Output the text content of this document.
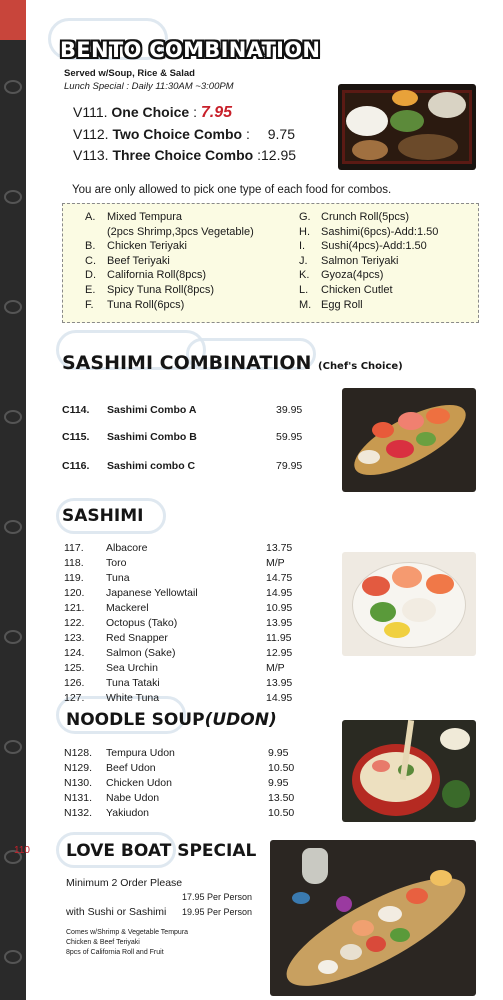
110
BENTO COMBINATION
Served w/Soup, Rice & Salad
Lunch Special : Daily 11:30AM ~3:00PM
V111. One Choice : 7.95
V112. Two Choice Combo : 9.75
V113. Three Choice Combo :12.95
You are only allowed to pick one type of each food for combos.
A.	Mixed Tempura
(2pcs Shrimp,3pcs Vegetable)
B.	Chicken Teriyaki
C.	Beef Teriyaki
D.	California Roll(8pcs)
E.	Spicy Tuna Roll(8pcs)
F.	Tuna Roll(6pcs)
G. Crunch Roll(5pcs)
H.	Sashimi(6pcs)-Add:1.50
I.	Sushi(4pcs)-Add:1.50
J.	Salmon Teriyaki
K.	Gyoza(4pcs)
L.	Chicken Cutlet
M. Egg Roll
SASHIMI COMBINATION (Chef's Choice)
C114. Sashimi Combo A	39.95
C115. Sashimi Combo B	59.95
C116. Sashimi combo C	79.95
SASHIMI
117. Albacore	13.75
118. Toro	M/P
119. Tuna	14.75
120. Japanese Yellowtail	14.95
121. Mackerel	10.95
122. Octopus (Tako)	13.95
123. Red Snapper	11.95
124. Salmon (Sake)	12.95
125. Sea Urchin	M/P
126. Tuna Tataki	13.95
127. White Tuna	14.95
NOODLE SOUP(UDON)
N128. Tempura Udon	9.95
N129. Beef Udon	10.50
N130. Chicken Udon	9.95
N131. Nabe Udon	13.50
N132. Yakiudon	10.50
LOVE BOAT SPECIAL
Minimum 2 Order Please
17.95 Per Person
with Sushi or Sashimi 19.95 Per Person
Comes w/Shrimp & Vegetable Tempura
Chicken & Beef Teriyaki
8pcs of California Roll and Fruit
